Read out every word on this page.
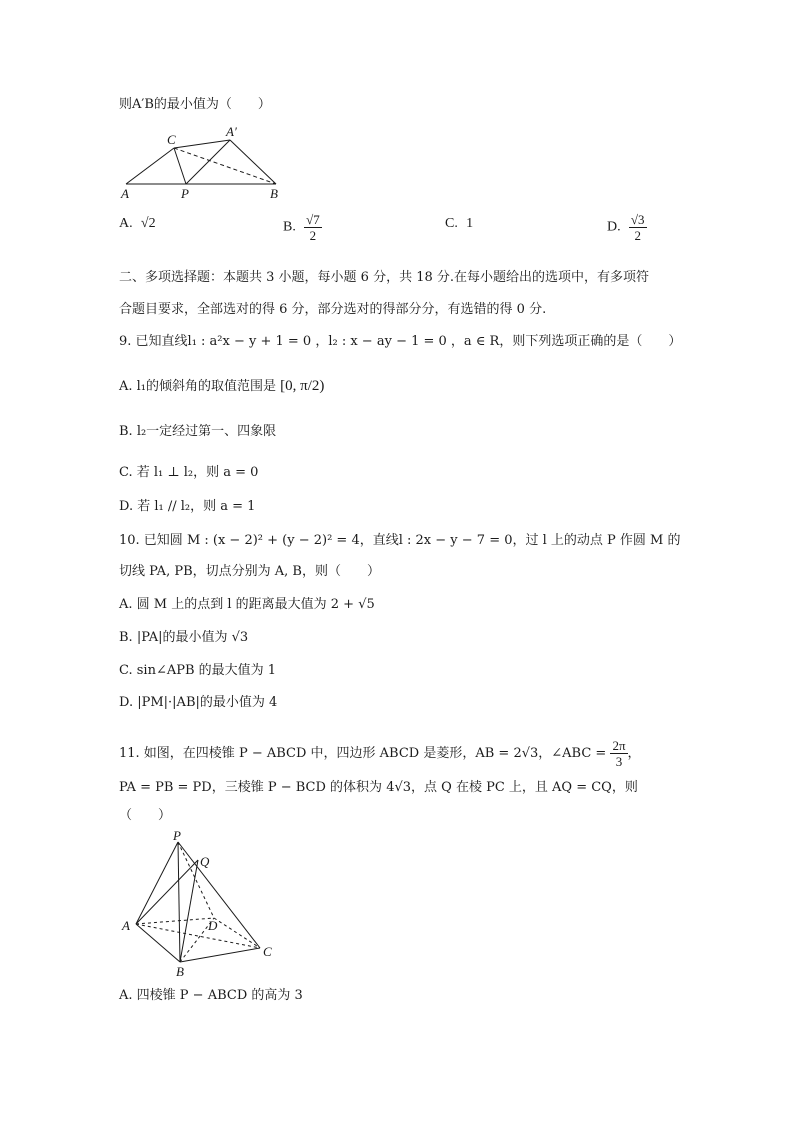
则A′B的最小值为（　　）
A	P	B
C
A′
A. √2	B. $\frac{√7}{2}$	C. 1	D. $\frac{√3}{2}$
二、多项选择题：本题共 3 小题，每小题 6 分，共 18 分.在每小题给出的选项中，有多项符
合题目要求，全部选对的得 6 分，部分选对的得部分分，有选错的得 0 分.
9. 已知直线l₁ : a²x − y + 1 = 0 ，l₂ : x − ay − 1 = 0 ，a ∈ R，则下列选项正确的是（　　）
A. l₁的倾斜角的取值范围是 [0, π/2)
B. l₂一定经过第一、四象限
C. 若 l₁ ⊥ l₂，则 a = 0
D. 若 l₁ // l₂，则 a = 1
10. 已知圆 M : (x − 2)² + (y − 2)² = 4，直线l : 2x − y − 7 = 0，过 l 上的动点 P 作圆 M 的
切线 PA, PB，切点分别为 A, B，则（　　）
A. 圆 M 上的点到 l 的距离最大值为 2 + √5
B. |PA|的最小值为 √3
C. sin∠APB 的最大值为 1
D. |PM|·|AB|的最小值为 4
11. 如图，在四棱锥 P − ABCD 中，四边形 ABCD 是菱形，AB = 2√3，∠ABC = $\frac{2\pi}{3}$ ，
PA = PB = PD，三棱锥 P − BCD 的体积为 4√3，点 Q 在棱 PC 上，且 AQ = CQ，则
（　　）
P
Q
A	D
C
B
A. 四棱锥 P − ABCD 的高为 3
